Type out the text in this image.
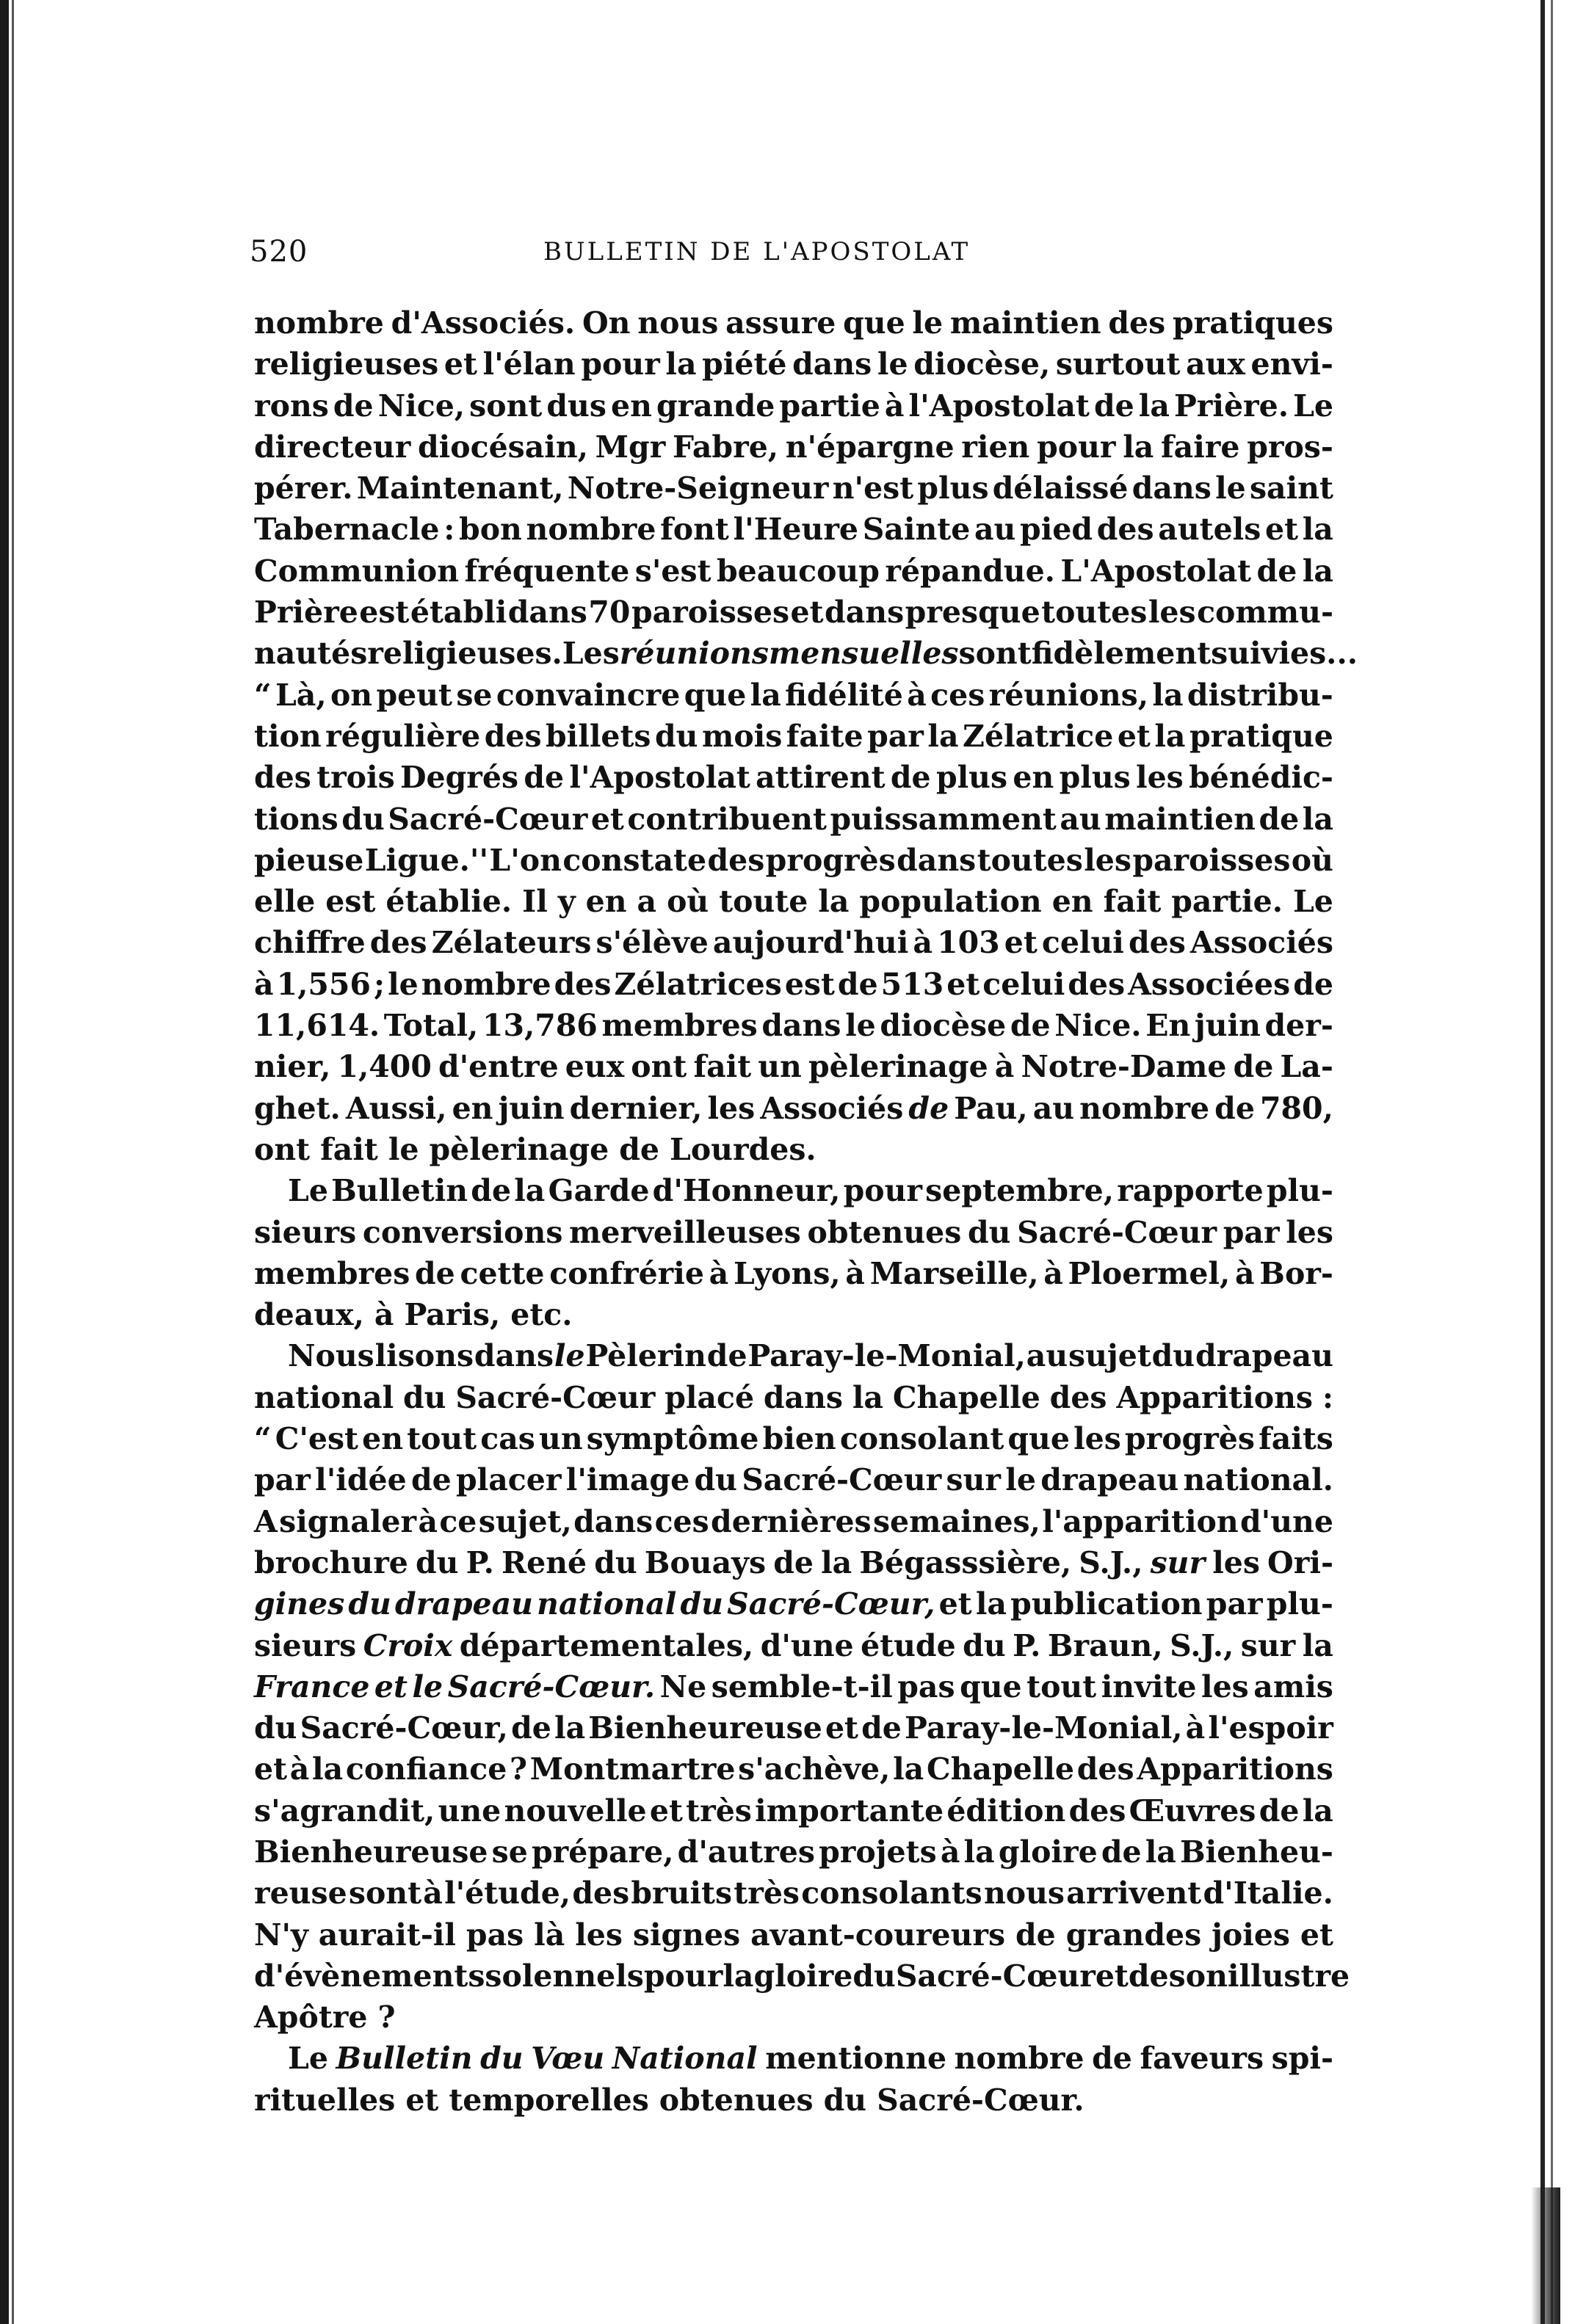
520	BULLETIN DE L'APOSTOLAT
nombre d'Associés. On nous assure que le maintien des pratiques
religieuses et l'élan pour la piété dans le diocèse, surtout aux envi-
rons de Nice, sont dus en grande partie à l'Apostolat de la Prière. Le
directeur diocésain, Mgr Fabre, n'épargne rien pour la faire pros-
pérer. Maintenant, Notre-Seigneur n'est plus délaissé dans le saint
Tabernacle : bon nombre font l'Heure Sainte au pied des autels et la
Communion fréquente s'est beaucoup répandue. L'Apostolat de la
Prière est établi dans 70 paroisses et dans presque toutes les commu-
nautés religieuses. Les réunions mensuelles sont fidèlement suivies...
“ Là, on peut se convaincre que la fidélité à ces réunions, la distribu-
tion régulière des billets du mois faite par la Zélatrice et la pratique
des trois Degrés de l'Apostolat attirent de plus en plus les bénédic-
tions du Sacré-Cœur et contribuent puissamment au maintien de la
pieuse Ligue.'' L'on constate des progrès dans toutes les paroisses où
elle est établie. Il y en a où toute la population en fait partie. Le
chiffre des Zélateurs s'élève aujourd'hui à 103 et celui des Associés
à 1,556 ; le nombre des Zélatrices est de 513 et celui des Associées de
11,614. Total, 13,786 membres dans le diocèse de Nice. En juin der-
nier, 1,400 d'entre eux ont fait un pèlerinage à Notre-Dame de La-
ghet. Aussi, en juin dernier, les Associés de Pau, au nombre de 780,
ont fait le pèlerinage de Lourdes.
Le Bulletin de la Garde d'Honneur, pour septembre, rapporte plu-
sieurs conversions merveilleuses obtenues du Sacré-Cœur par les
membres de cette confrérie à Lyons, à Marseille, à Ploermel, à Bor-
deaux, à Paris, etc.
Nous lisons dans le Pèlerin de Paray-le-Monial, au sujet du drapeau
national du Sacré-Cœur placé dans la Chapelle des Apparitions :
“ C'est en tout cas un symptôme bien consolant que les progrès faits
par l'idée de placer l'image du Sacré-Cœur sur le drapeau national.
A signaler à ce sujet, dans ces dernières semaines, l'apparition d'une
brochure du P. René du Bouays de la Bégasssière, S.J., sur les Ori-
gines du drapeau national du Sacré-Cœur, et la publication par plu-
sieurs Croix départementales, d'une étude du P. Braun, S.J., sur la
France et le Sacré-Cœur. Ne semble-t-il pas que tout invite les amis
du Sacré-Cœur, de la Bienheureuse et de Paray-le-Monial, à l'espoir
et à la confiance ? Montmartre s'achève, la Chapelle des Apparitions
s'agrandit, une nouvelle et très importante édition des Œuvres de la
Bienheureuse se prépare, d'autres projets à la gloire de la Bienheu-
reuse sont à l'étude, des bruits très consolants nous arrivent d'Italie.
N'y aurait-il pas là les signes avant-coureurs de grandes joies et
d'évènements solennels pour la gloire du Sacré-Cœur et de son illustre
Apôtre ?
Le Bulletin du Vœu National mentionne nombre de faveurs spi-
rituelles et temporelles obtenues du Sacré-Cœur.
